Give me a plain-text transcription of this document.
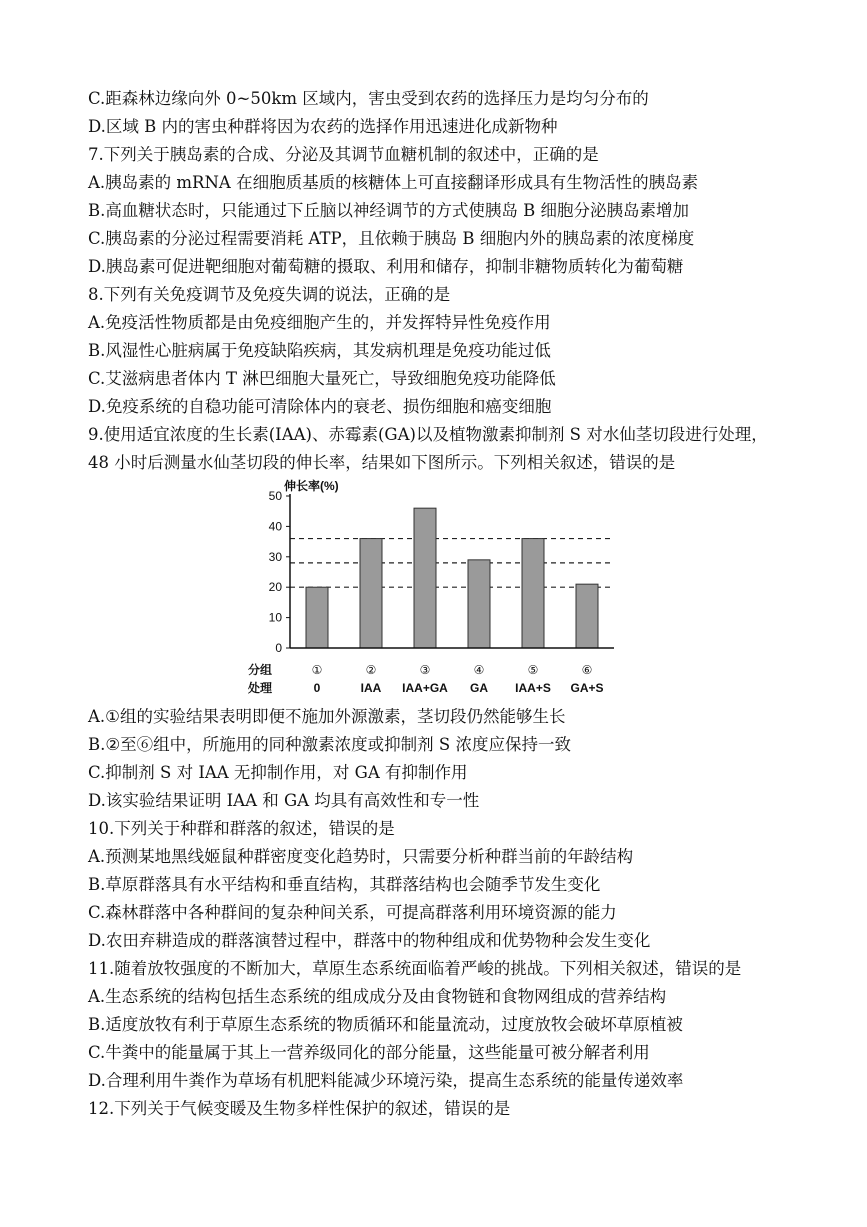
C.距森林边缘向外 0~50km 区域内，害虫受到农药的选择压力是均匀分布的
D.区域 B 内的害虫种群将因为农药的选择作用迅速进化成新物种
7.下列关于胰岛素的合成、分泌及其调节血糖机制的叙述中，正确的是
A.胰岛素的 mRNA 在细胞质基质的核糖体上可直接翻译形成具有生物活性的胰岛素
B.高血糖状态时，只能通过下丘脑以神经调节的方式使胰岛 B 细胞分泌胰岛素增加
C.胰岛素的分泌过程需要消耗 ATP，且依赖于胰岛 B 细胞内外的胰岛素的浓度梯度
D.胰岛素可促进靶细胞对葡萄糖的摄取、利用和储存，抑制非糖物质转化为葡萄糖
8.下列有关免疫调节及免疫失调的说法，正确的是
A.免疫活性物质都是由免疫细胞产生的，并发挥特异性免疫作用
B.风湿性心脏病属于免疫缺陷疾病，其发病机理是免疫功能过低
C.艾滋病患者体内 T 淋巴细胞大量死亡，导致细胞免疫功能降低
D.免疫系统的自稳功能可清除体内的衰老、损伤细胞和癌变细胞
9.使用适宜浓度的生长素(IAA)、赤霉素(GA)以及植物激素抑制剂 S 对水仙茎切段进行处理，
48 小时后测量水仙茎切段的伸长率，结果如下图所示。下列相关叙述，错误的是
0
10
20
30
40
50
伸长率(%)
分组
处理
①
0
②
IAA
③
IAA+GA
④
GA
⑤
IAA+S
⑥
GA+S
A.①组的实验结果表明即便不施加外源激素，茎切段仍然能够生长
B.②至⑥组中，所施用的同种激素浓度或抑制剂 S 浓度应保持一致
C.抑制剂 S 对 IAA 无抑制作用，对 GA 有抑制作用
D.该实验结果证明 IAA 和 GA 均具有高效性和专一性
10.下列关于种群和群落的叙述，错误的是
A.预测某地黑线姬鼠种群密度变化趋势时，只需要分析种群当前的年龄结构
B.草原群落具有水平结构和垂直结构，其群落结构也会随季节发生变化
C.森林群落中各种群间的复杂种间关系，可提高群落利用环境资源的能力
D.农田弃耕造成的群落演替过程中，群落中的物种组成和优势物种会发生变化
11.随着放牧强度的不断加大，草原生态系统面临着严峻的挑战。下列相关叙述，错误的是
A.生态系统的结构包括生态系统的组成成分及由食物链和食物网组成的营养结构
B.适度放牧有利于草原生态系统的物质循环和能量流动，过度放牧会破坏草原植被
C.牛粪中的能量属于其上一营养级同化的部分能量，这些能量可被分解者利用
D.合理利用牛粪作为草场有机肥料能减少环境污染，提高生态系统的能量传递效率
12.下列关于气候变暖及生物多样性保护的叙述，错误的是
